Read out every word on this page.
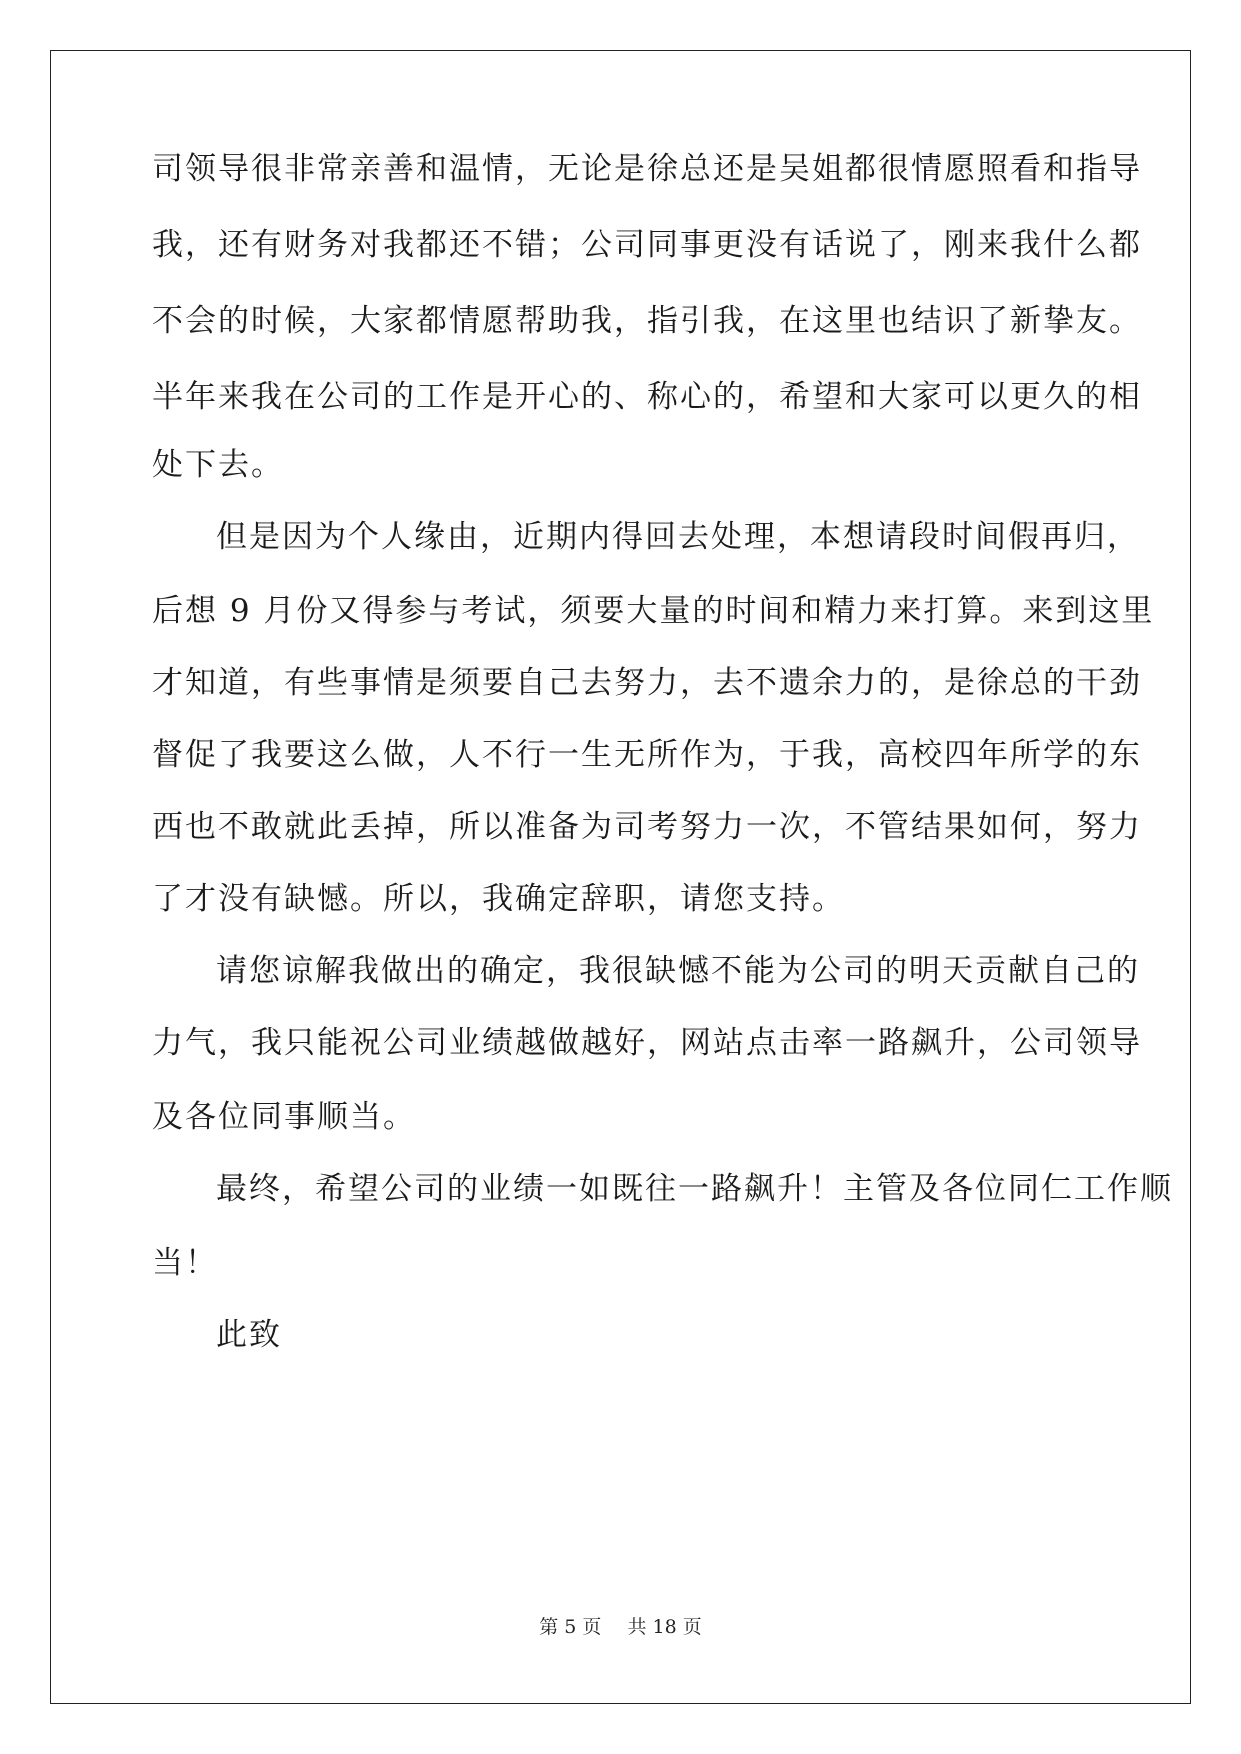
司领导很非常亲善和温情，无论是徐总还是吴姐都很情愿照看和指导
我，还有财务对我都还不错；公司同事更没有话说了，刚来我什么都
不会的时候，大家都情愿帮助我，指引我，在这里也结识了新挚友。
半年来我在公司的工作是开心的、称心的，希望和大家可以更久的相
处下去。
但是因为个人缘由，近期内得回去处理，本想请段时间假再归，
后想 9 月份又得参与考试，须要大量的时间和精力来打算。来到这里
才知道，有些事情是须要自己去努力，去不遗余力的，是徐总的干劲
督促了我要这么做，人不行一生无所作为，于我，高校四年所学的东
西也不敢就此丢掉，所以准备为司考努力一次，不管结果如何，努力
了才没有缺憾。所以，我确定辞职，请您支持。
请您谅解我做出的确定，我很缺憾不能为公司的明天贡献自己的
力气，我只能祝公司业绩越做越好，网站点击率一路飙升，公司领导
及各位同事顺当。
最终，希望公司的业绩一如既往一路飙升！主管及各位同仁工作顺
当！
此致
第 5 页 共 18 页
